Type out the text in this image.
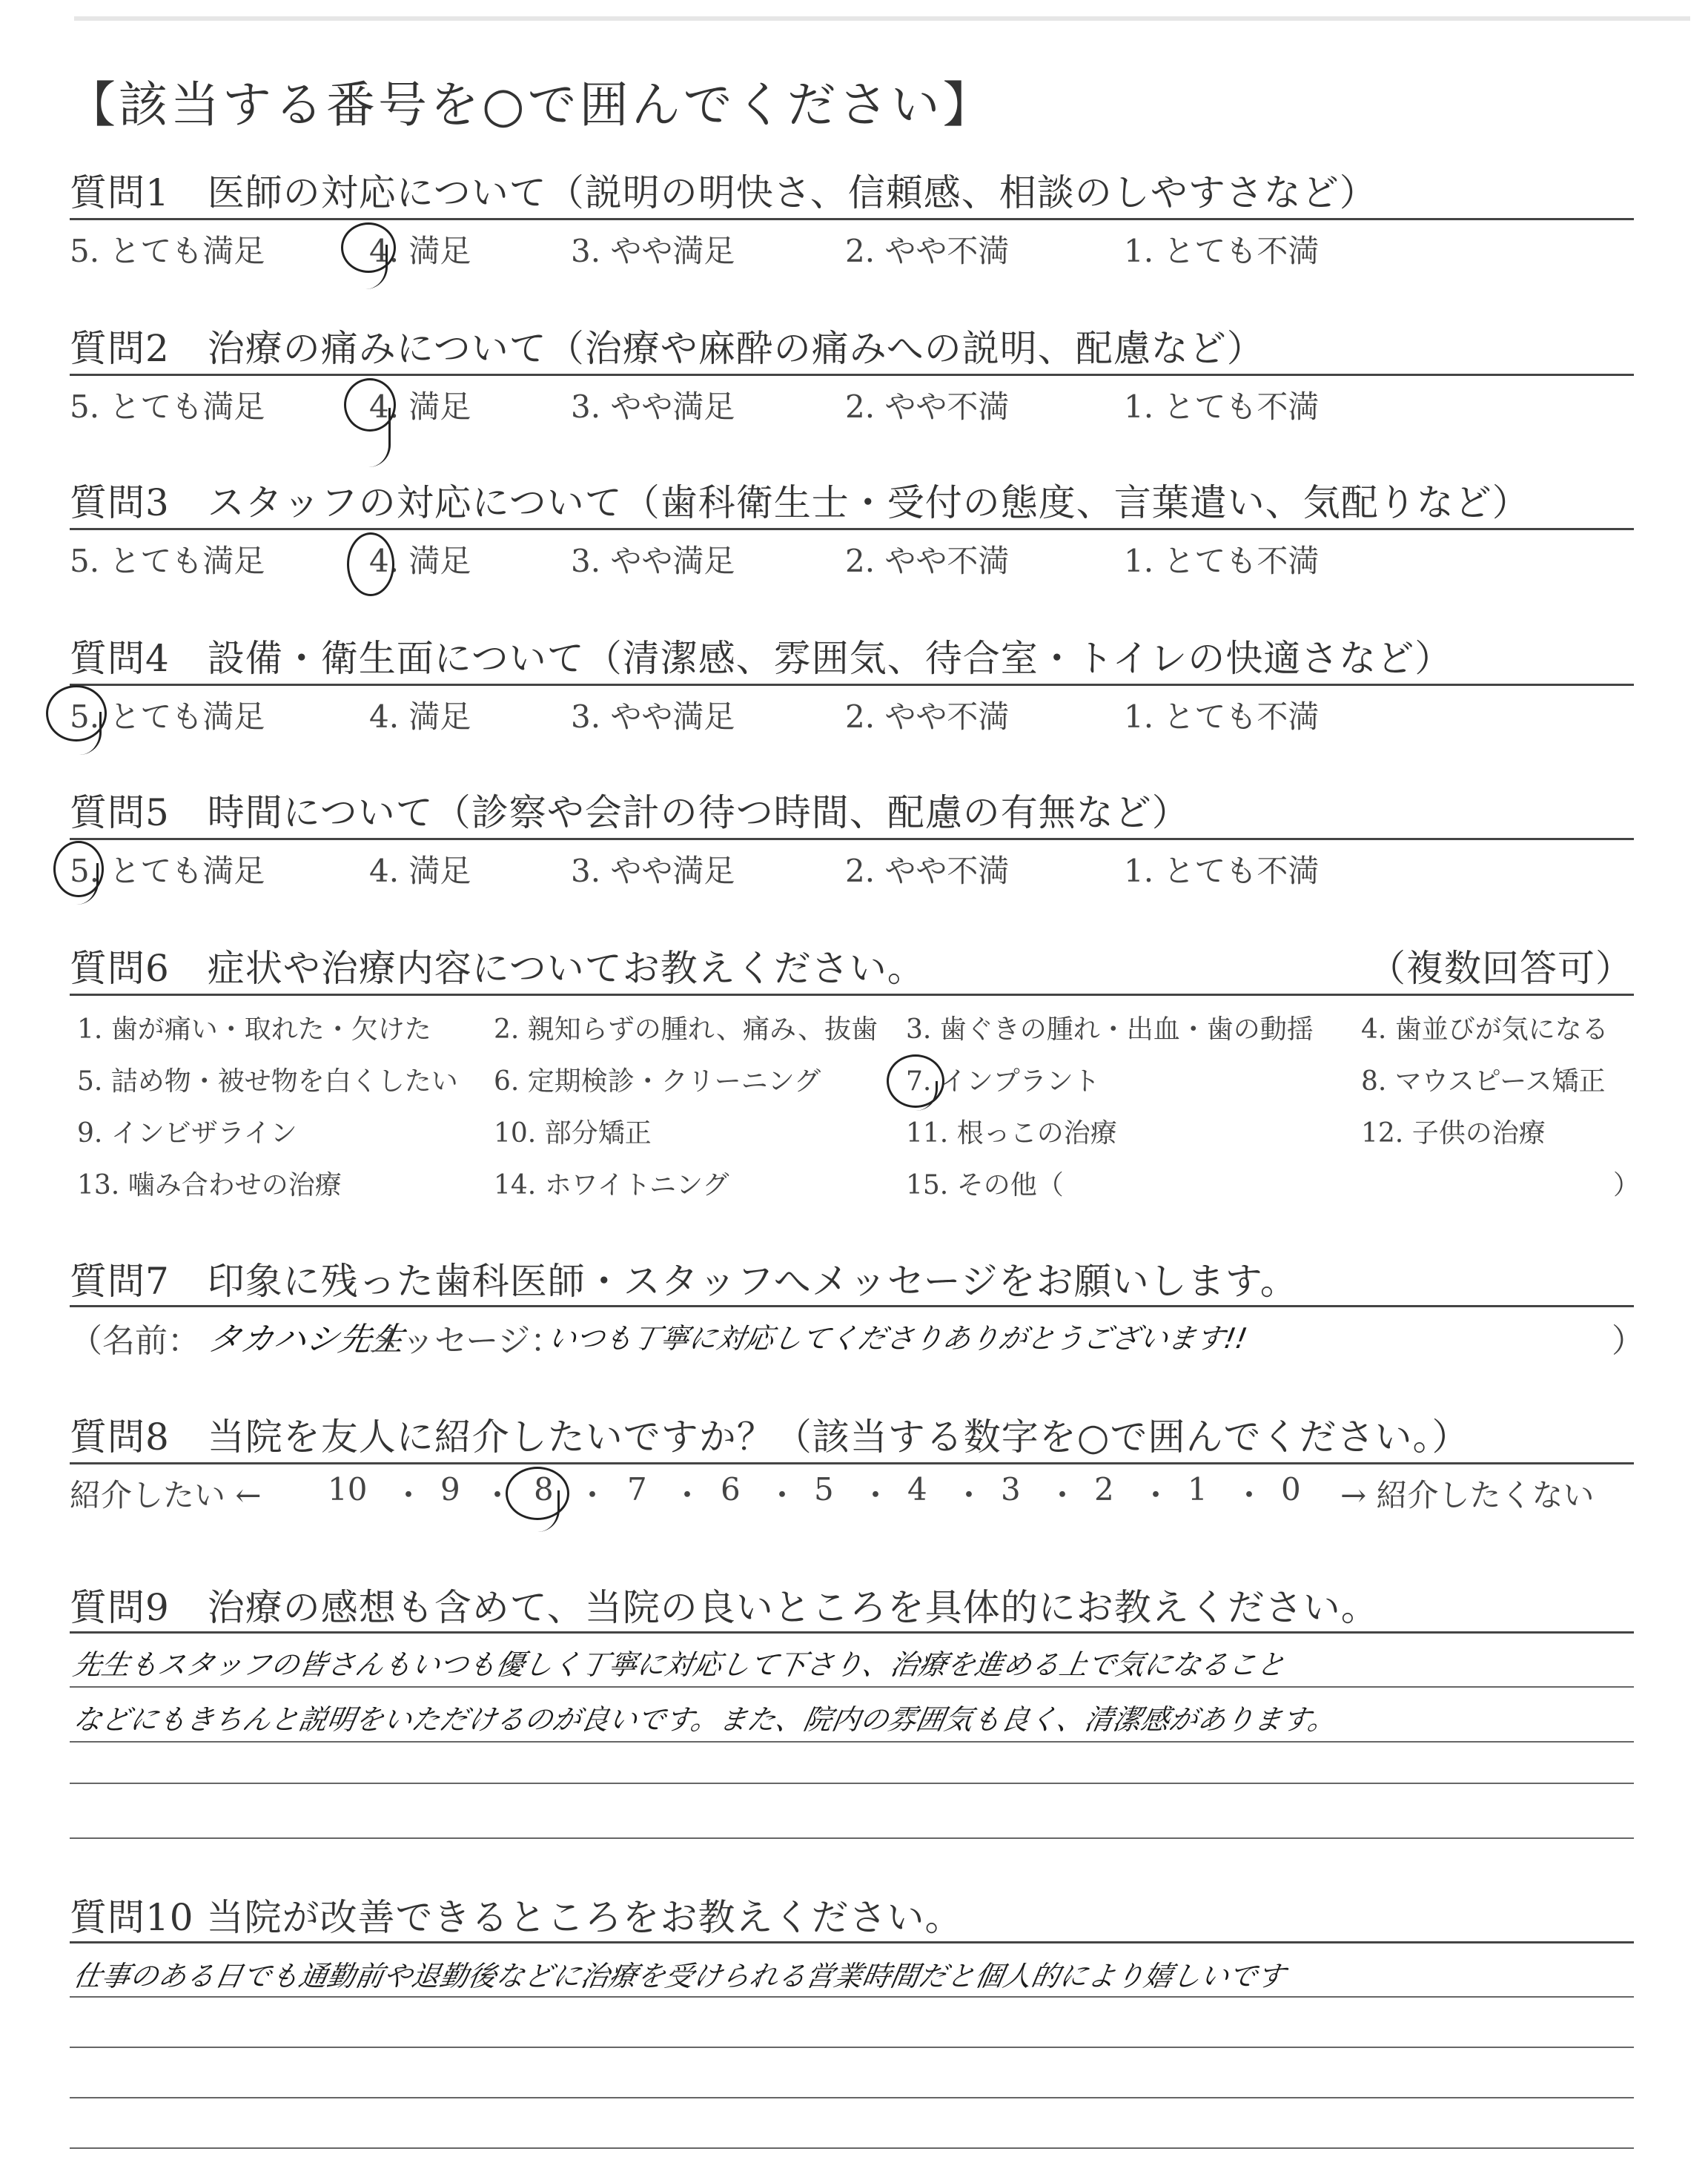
【該当する番号を○で囲んでください】
質問1　医師の対応について（説明の明快さ、信頼感、相談のしやすさなど）
5. とても満足	4. 満足	3. やや満足	2. やや不満	1. とても不満
質問2　治療の痛みについて（治療や麻酔の痛みへの説明、配慮など）
5. とても満足	4. 満足	3. やや満足	2. やや不満	1. とても不満
質問3　スタッフの対応について（歯科衛生士・受付の態度、言葉遣い、気配りなど）
5. とても満足	4. 満足	3. やや満足	2. やや不満	1. とても不満
質問4　設備・衛生面について（清潔感、雰囲気、待合室・トイレの快適さなど）
5. とても満足	4. 満足	3. やや満足	2. やや不満	1. とても不満
質問5　時間について（診察や会計の待つ時間、配慮の有無など）
5. とても満足	4. 満足	3. やや満足	2. やや不満	1. とても不満
質問6　症状や治療内容についてお教えください。	（複数回答可）
1. 歯が痛い・取れた・欠けた 2. 親知らずの腫れ、痛み、抜歯 3. 歯ぐきの腫れ・出血・歯の動揺 4. 歯並びが気になる
5. 詰め物・被せ物を白くしたい 6. 定期検診・クリーニング	7. インプラント	8. マウスピース矯正
9. インビザライン	10. 部分矯正	11. 根っこの治療	12. 子供の治療
13. 噛み合わせの治療	14. ホワイトニング	15. その他（	）
質問7　印象に残った歯科医師・スタッフへメッセージをお願いします。
（名前： タカハシ先生
メッセージ：
いつも丁寧に対応してくださりありがとうございます!!	）
質問8　当院を友人に紹介したいですか？（該当する数字を○で囲んでください。）
紹介したい ← 10 ・ 9 ・ 8 ・ 7 ・ 6 ・ 5 ・ 4 ・ 3 ・ 2 ・ 1 ・ 0 → 紹介したくない
質問9　治療の感想も含めて、当院の良いところを具体的にお教えください。
先生もスタッフの皆さんもいつも優しく丁寧に対応して下さり、治療を進める上で気になること
などにもきちんと説明をいただけるのが良いです。また、院内の雰囲気も良く、清潔感があります。
質問10 当院が改善できるところをお教えください。
仕事のある日でも通勤前や退勤後などに治療を受けられる営業時間だと個人的により嬉しいです
